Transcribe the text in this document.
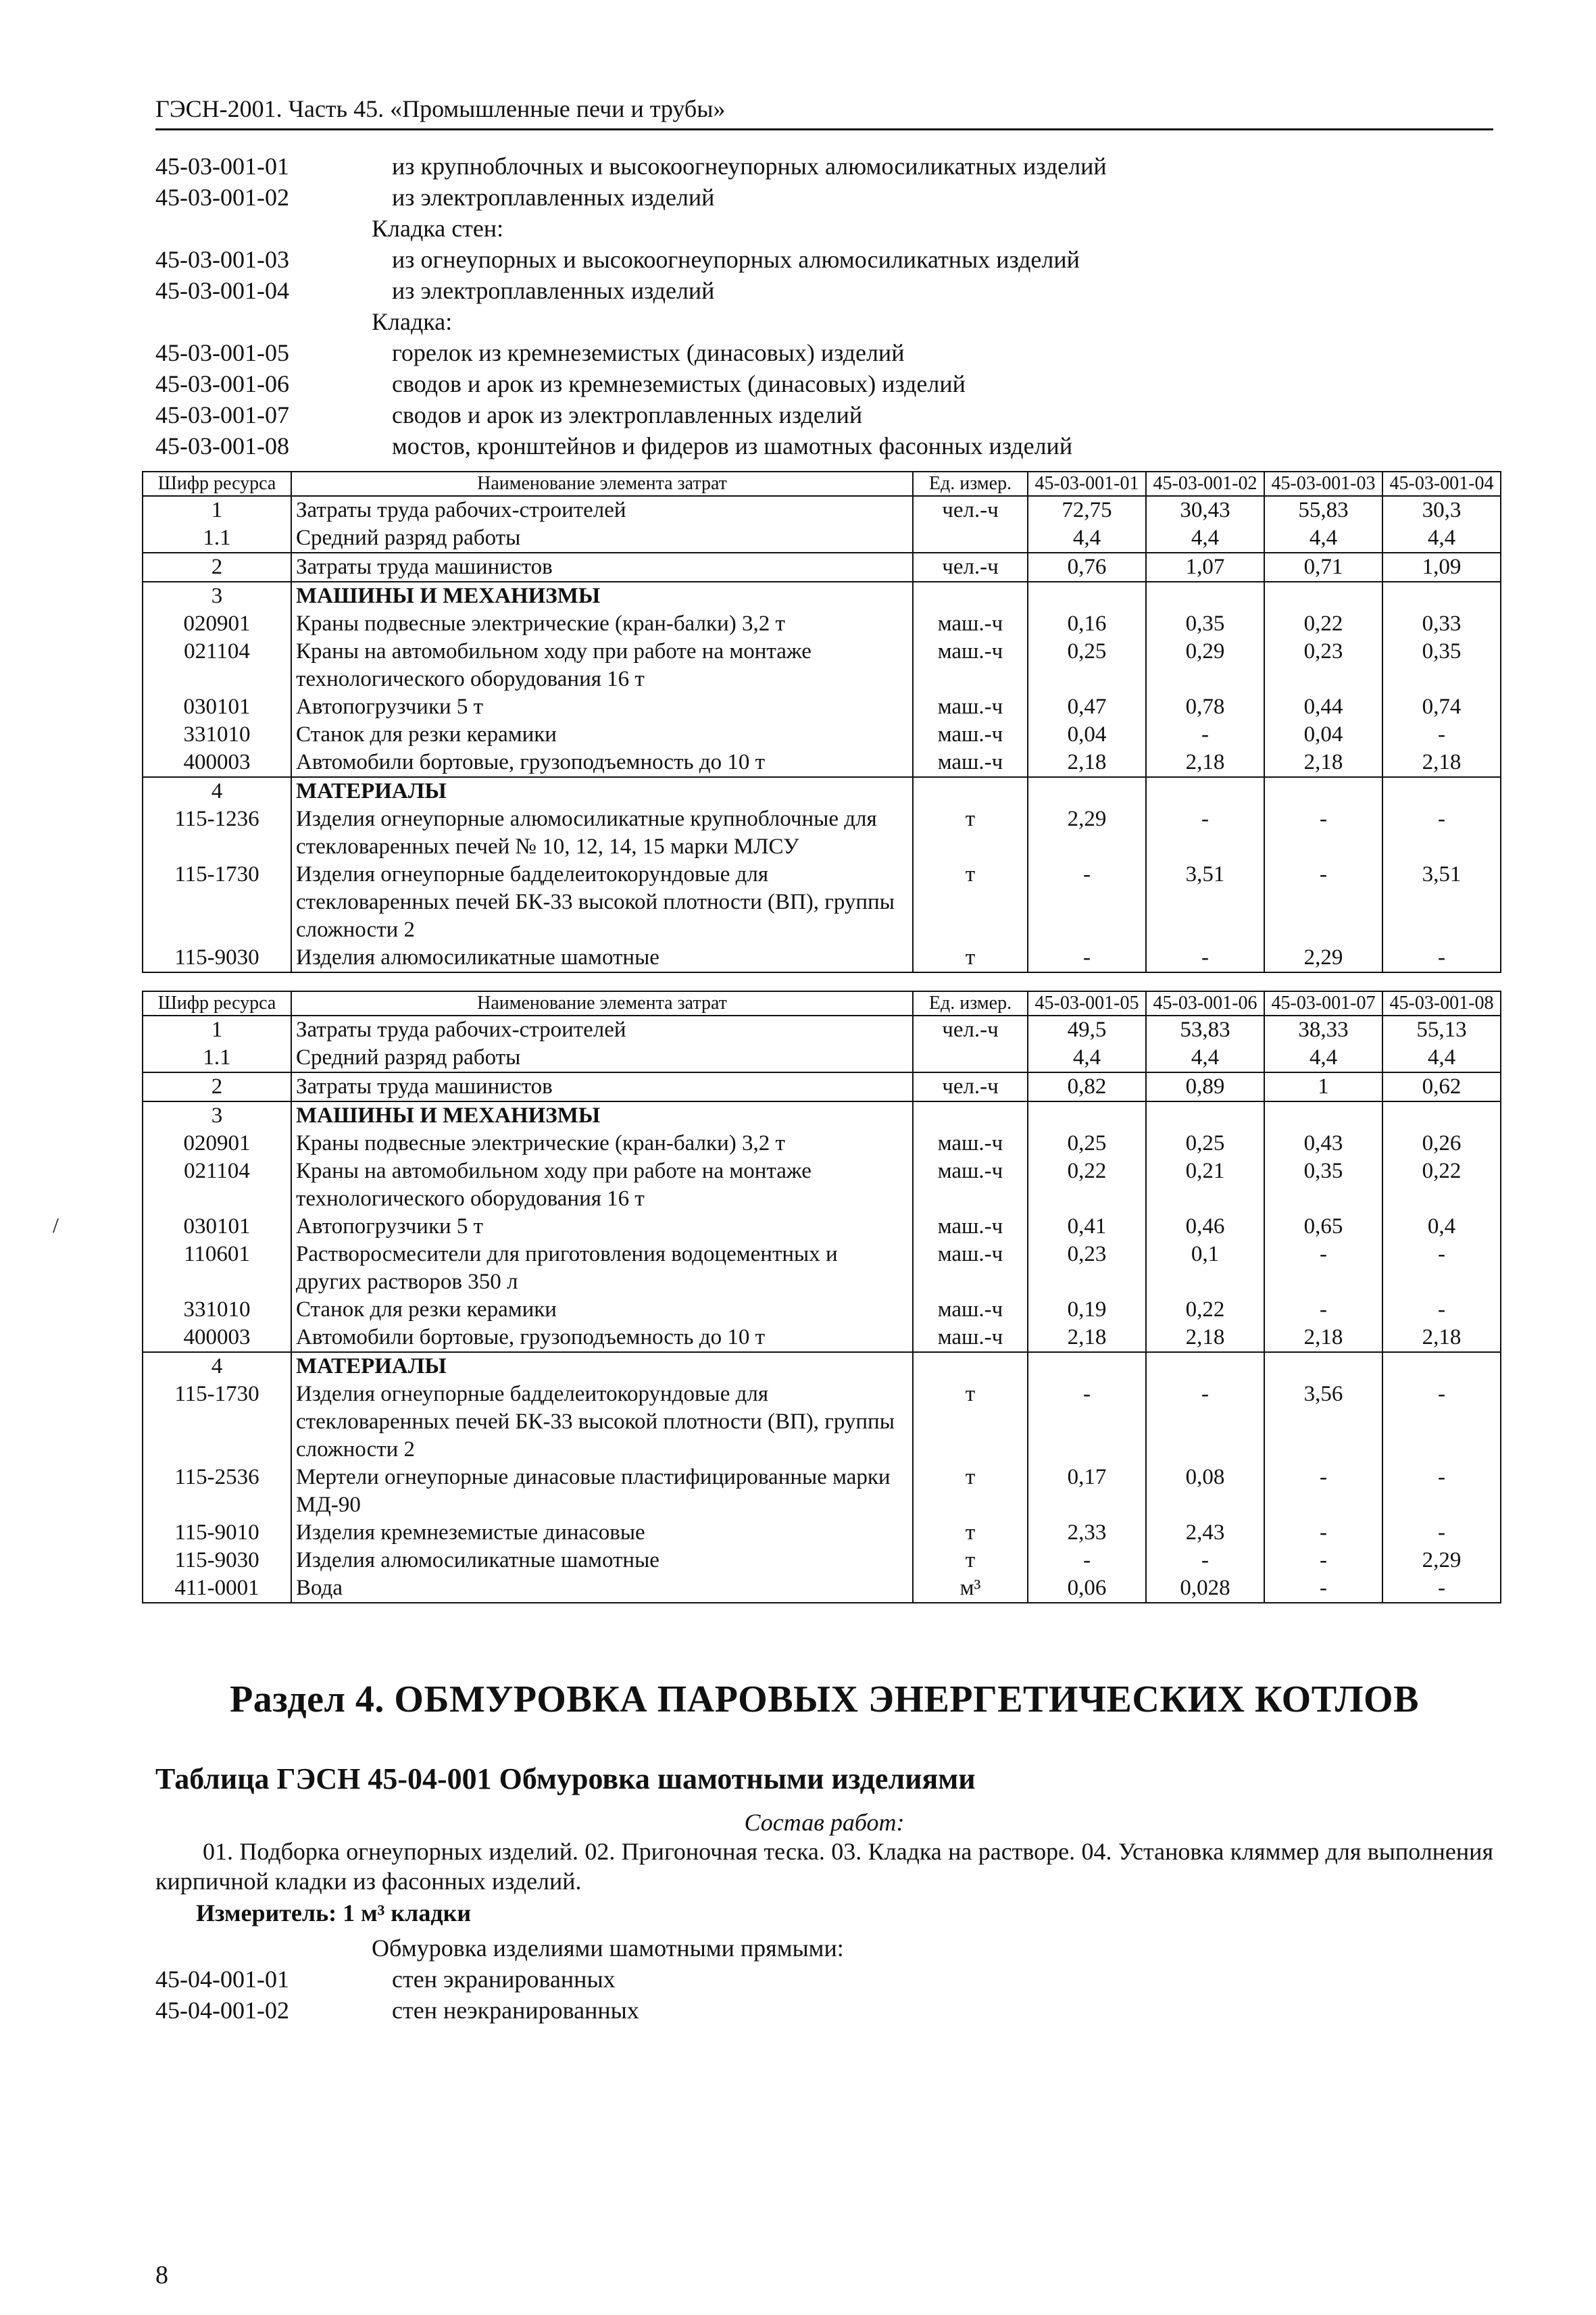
ГЭСН-2001. Часть 45. «Промышленные печи и трубы»
45-03-001-01	из крупноблочных и высокоогнеупорных алюмосиликатных изделий
45-03-001-02	из электроплавленных изделий
Кладка стен:
45-03-001-03	из огнеупорных и высокоогнеупорных алюмосиликатных изделий
45-03-001-04	из электроплавленных изделий
Кладка:
45-03-001-05	горелок из кремнеземистых (динасовых) изделий
45-03-001-06	сводов и арок из кремнеземистых (динасовых) изделий
45-03-001-07	сводов и арок из электроплавленных изделий
45-03-001-08	мостов, кронштейнов и фидеров из шамотных фасонных изделий
Шифр ресурса	Наименование элемента затрат	Ед. измер.	45-03-001-01	45-03-001-02	45-03-001-03	45-03-001-04
1	Затраты труда рабочих-строителей	чел.-ч	72,75	30,43	55,83	30,3
1.1	Средний разряд работы		4,4	4,4	4,4	4,4
2	Затраты труда машинистов	чел.-ч	0,76	1,07	0,71	1,09
3	МАШИНЫ И МЕХАНИЗМЫ					
020901	Краны подвесные электрические (кран-балки) 3,2 т	маш.-ч	0,16	0,35	0,22	0,33
021104	Краны на автомобильном ходу при работе на монтаже технологического оборудования 16 т	маш.-ч	0,25	0,29	0,23	0,35
030101	Автопогрузчики 5 т	маш.-ч	0,47	0,78	0,44	0,74
331010	Станок для резки керамики	маш.-ч	0,04	-	0,04	-
400003	Автомобили бортовые, грузоподъемность до 10 т	маш.-ч	2,18	2,18	2,18	2,18
4	МАТЕРИАЛЫ					
115-1236	Изделия огнеупорные алюмосиликатные крупноблочные для стекловаренных печей № 10, 12, 14, 15 марки МЛСУ	т	2,29	-	-	-
115-1730	Изделия огнеупорные бадделеитокорундовые для стекловаренных печей БК-33 высокой плотности (ВП), группы сложности 2	т	-	3,51	-	3,51
115-9030	Изделия алюмосиликатные шамотные	т	-	-	2,29	-
Шифр ресурса	Наименование элемента затрат	Ед. измер.	45-03-001-05	45-03-001-06	45-03-001-07	45-03-001-08
1	Затраты труда рабочих-строителей	чел.-ч	49,5	53,83	38,33	55,13
1.1	Средний разряд работы		4,4	4,4	4,4	4,4
2	Затраты труда машинистов	чел.-ч	0,82	0,89	1	0,62
3	МАШИНЫ И МЕХАНИЗМЫ					
020901	Краны подвесные электрические (кран-балки) 3,2 т	маш.-ч	0,25	0,25	0,43	0,26
021104	Краны на автомобильном ходу при работе на монтаже технологического оборудования 16 т	маш.-ч	0,22	0,21	0,35	0,22
030101	Автопогрузчики 5 т	маш.-ч	0,41	0,46	0,65	0,4
110601	Растворосмесители для приготовления водоцементных и других растворов 350 л	маш.-ч	0,23	0,1	-	-
331010	Станок для резки керамики	маш.-ч	0,19	0,22	-	-
400003	Автомобили бортовые, грузоподъемность до 10 т	маш.-ч	2,18	2,18	2,18	2,18
4	МАТЕРИАЛЫ					
115-1730	Изделия огнеупорные бадделеитокорундовые для стекловаренных печей БК-33 высокой плотности (ВП), группы сложности 2	т	-	-	3,56	-
115-2536	Мертели огнеупорные динасовые пластифицированные марки МД-90	т	0,17	0,08	-	-
115-9010	Изделия кремнеземистые динасовые	т	2,33	2,43	-	-
115-9030	Изделия алюмосиликатные шамотные	т	-	-	-	2,29
411-0001	Вода	м³	0,06	0,028	-	-
Раздел 4. ОБМУРОВКА ПАРОВЫХ ЭНЕРГЕТИЧЕСКИХ КОТЛОВ
Таблица ГЭСН 45-04-001 Обмуровка шамотными изделиями
Состав работ:
01. Подборка огнеупорных изделий. 02. Пригоночная теска. 03. Кладка на растворе. 04. Установка кляммер для выполнения кирпичной кладки из фасонных изделий.
Измеритель: 1 м³ кладки
Обмуровка изделиями шамотными прямыми:
45-04-001-01	стен экранированных
45-04-001-02	стен неэкранированных
/
8
